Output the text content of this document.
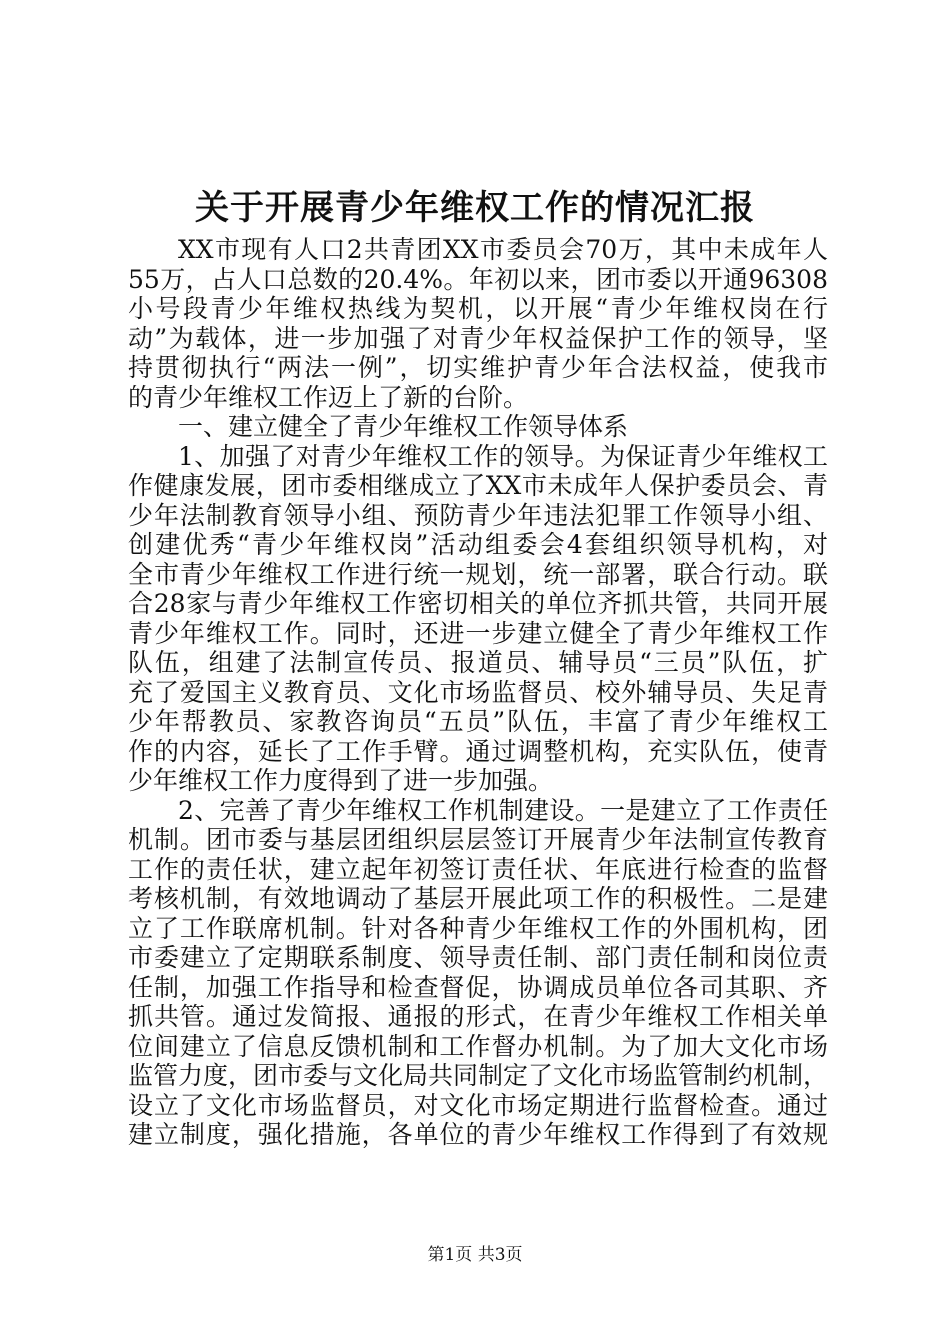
关于开展青少年维权工作的情况汇报
XX市现有人口2共青团XX市委员会70万，其中未成年人
55万，占人口总数的20.4%。年初以来，团市委以开通96308
小号段青少年维权热线为契机，以开展“青少年维权岗在行
动”为载体，进一步加强了对青少年权益保护工作的领导，坚
持贯彻执行“两法一例”，切实维护青少年合法权益，使我市
的青少年维权工作迈上了新的台阶。
一、建立健全了青少年维权工作领导体系
1、加强了对青少年维权工作的领导。为保证青少年维权工
作健康发展，团市委相继成立了XX市未成年人保护委员会、青
少年法制教育领导小组、预防青少年违法犯罪工作领导小组、
创建优秀“青少年维权岗”活动组委会4套组织领导机构，对
全市青少年维权工作进行统一规划，统一部署，联合行动。联
合28家与青少年维权工作密切相关的单位齐抓共管，共同开展
青少年维权工作。同时，还进一步建立健全了青少年维权工作
队伍，组建了法制宣传员、报道员、辅导员“三员”队伍，扩
充了爱国主义教育员、文化市场监督员、校外辅导员、失足青
少年帮教员、家教咨询员“五员”队伍，丰富了青少年维权工
作的内容，延长了工作手臂。通过调整机构，充实队伍，使青
少年维权工作力度得到了进一步加强。
2、完善了青少年维权工作机制建设。一是建立了工作责任
机制。团市委与基层团组织层层签订开展青少年法制宣传教育
工作的责任状，建立起年初签订责任状、年底进行检查的监督
考核机制，有效地调动了基层开展此项工作的积极性。二是建
立了工作联席机制。针对各种青少年维权工作的外围机构，团
市委建立了定期联系制度、领导责任制、部门责任制和岗位责
任制，加强工作指导和检查督促，协调成员单位各司其职、齐
抓共管。通过发简报、通报的形式，在青少年维权工作相关单
位间建立了信息反馈机制和工作督办机制。为了加大文化市场
监管力度，团市委与文化局共同制定了文化市场监管制约机制，
设立了文化市场监督员，对文化市场定期进行监督检查。通过
建立制度，强化措施，各单位的青少年维权工作得到了有效规
第1页 共3页
